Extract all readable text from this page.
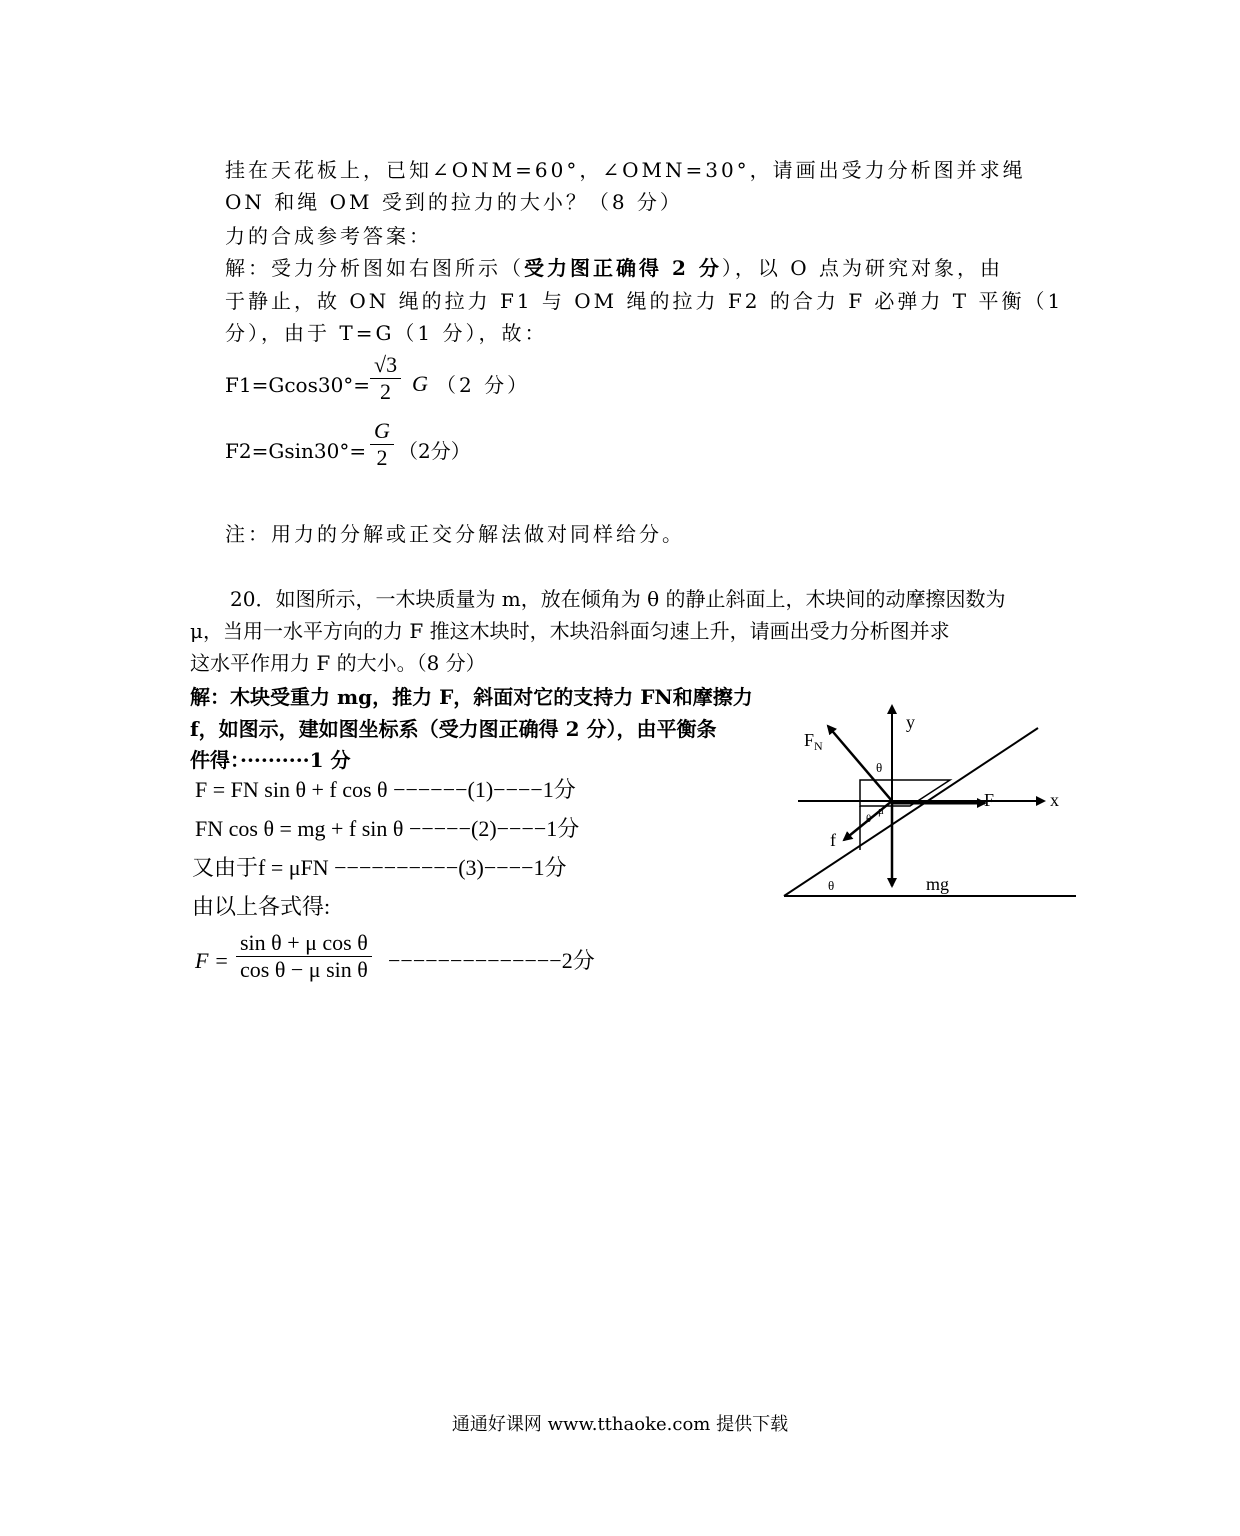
挂在天花板上，已知∠ONM=60°，∠OMN=30°，请画出受力分析图并求绳
ON 和绳 OM 受到的拉力的大小？（8 分）
力的合成参考答案：
解：受力分析图如右图所示（受力图正确得 2 分），以 O 点为研究对象，由
于静止，故 ON 绳的拉力 F1 与 OM 绳的拉力 F2 的合力 F 必弹力 T 平衡（1
分），由于 T=G（1 分），故：
F1=Gcos30°=
√3
2 G （2 分）
F2=Gsin30°=
G
2 （2分）
注：用力的分解或正交分解法做对同样给分。
20．如图所示，一木块质量为 m，放在倾角为 θ 的静止斜面上，木块间的动摩擦因数为
μ，当用一水平方向的力 F 推这木块时，木块沿斜面匀速上升，请画出受力分析图并求
这水平作用力 F 的大小。（8 分）
解：木块受重力 mg，推力 F，斜面对它的支持力 FN和摩擦力
f，如图示，建如图坐标系（受力图正确得 2 分），由平衡条
件得：··········1 分
F = FN sin θ + f cos θ −−−−−−(1)−−−−1分
FN cos θ = mg + f sin θ −−−−−(2)−−−−1分
又由于f = μFN −−−−−−−−−−(3)−−−−1分
由以上各式得:
F =
sin θ + μ cos θ
cos θ − μ sin θ −−−−−−−−−−−−−−2分
y
x
$F_N$
F
f
mg
θ
θ
μ
θ
通通好课网 www.tthaoke.com 提供下载
